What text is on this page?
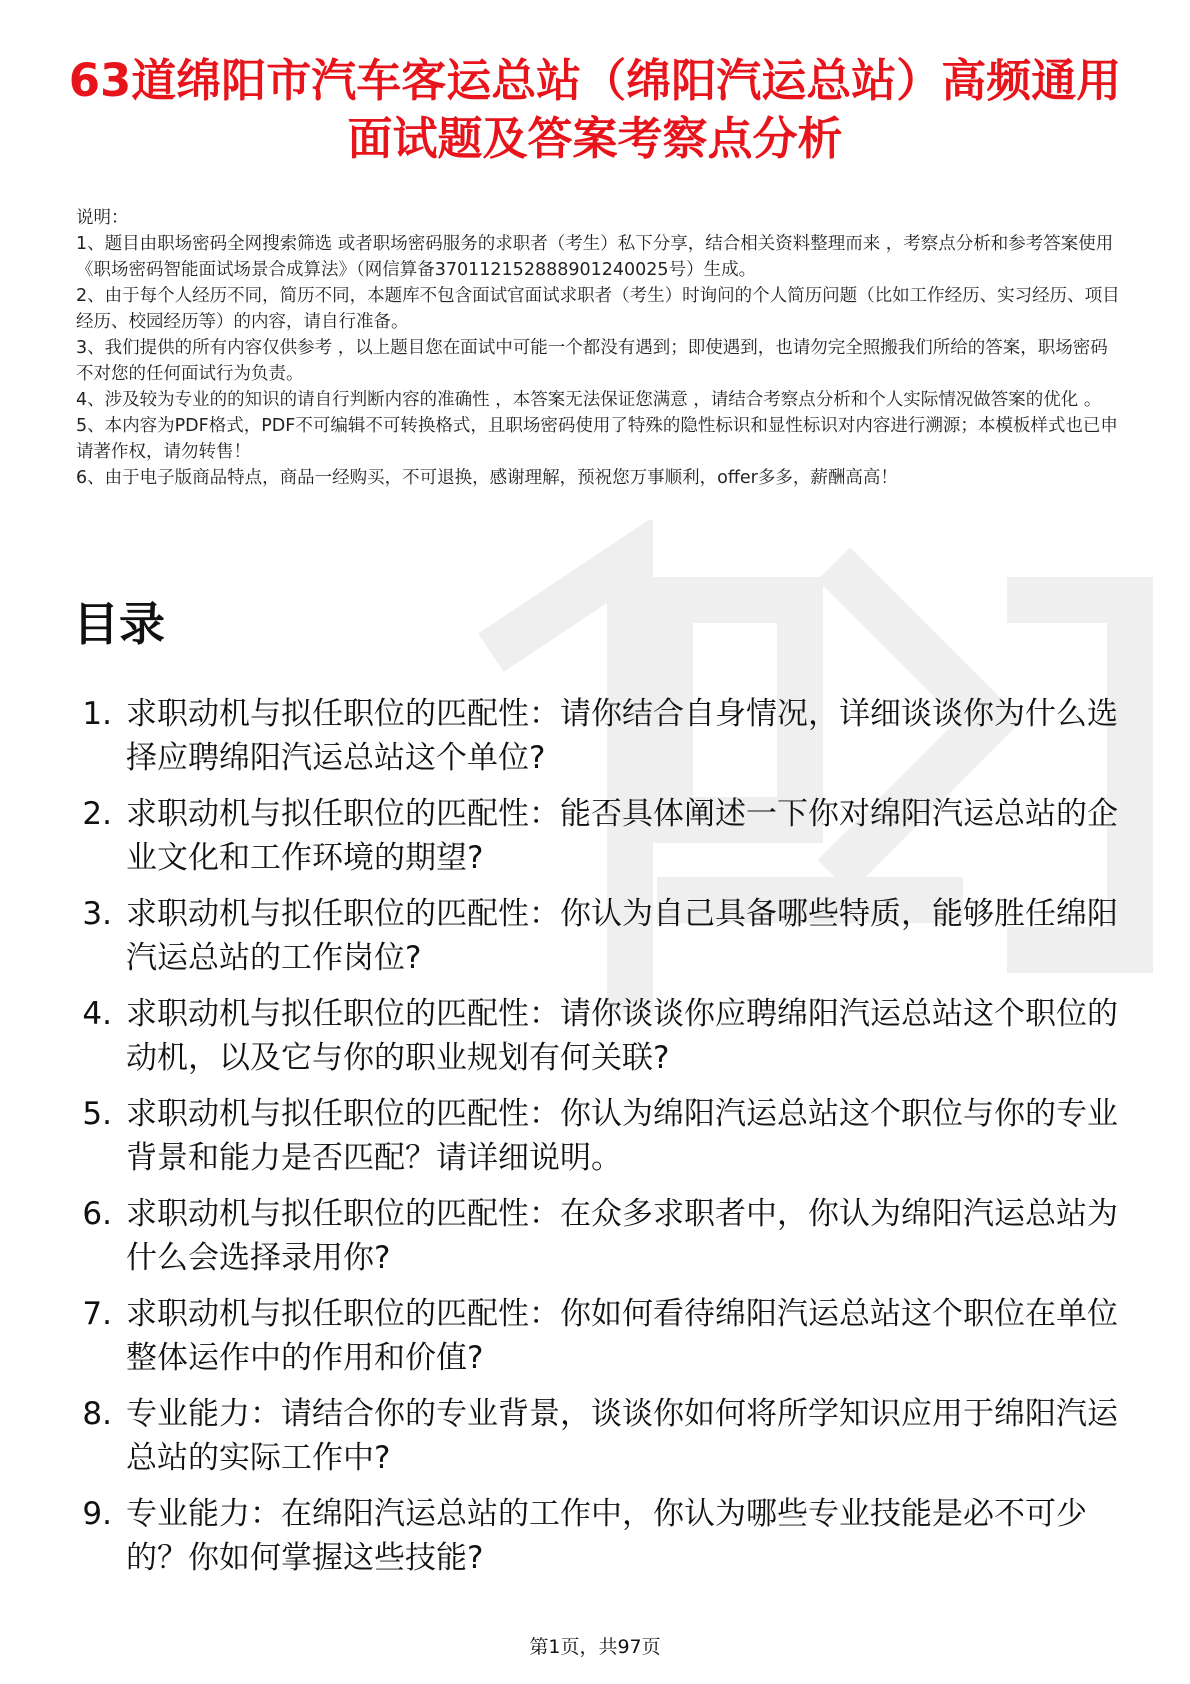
63道绵阳市汽车客运总站（绵阳汽运总站）高频通用面试题及答案考察点分析

说明：

1、题目由职场密码全网搜索筛选 或者职场密码服务的求职者（考生）私下分享，结合相关资料整理而来 ，考察点分析和参考答案使用《职场密码智能面试场景合成算法》（网信算备370112152888901240025号）生成。

2、由于每个人经历不同，简历不同，本题库不包含面试官面试求职者（考生）时询问的个人简历问题（比如工作经历、实习经历、项目经历、校园经历等）的内容，请自行准备。

3、我们提供的所有内容仅供参考 ，以上题目您在面试中可能一个都没有遇到；即使遇到，也请勿完全照搬我们所给的答案，职场密码不对您的任何面试行为负责。

4、涉及较为专业的的知识的请自行判断内容的准确性 ，本答案无法保证您满意 ，请结合考察点分析和个人实际情况做答案的优化 。

5、本内容为PDF格式，PDF不可编辑不可转换格式，且职场密码使用了特殊的隐性标识和显性标识对内容进行溯源；本模板样式也已申请著作权，请勿转售！

6、由于电子版商品特点，商品一经购买，不可退换，感谢理解，预祝您万事顺利，offer多多，薪酬高高！

目录
1. 求职动机与拟任职位的匹配性：请你结合自身情况，详细谈谈你为什么选择应聘绵阳汽运总站这个单位?
2. 求职动机与拟任职位的匹配性：能否具体阐述一下你对绵阳汽运总站的企业文化和工作环境的期望?
3. 求职动机与拟任职位的匹配性：你认为自己具备哪些特质，能够胜任绵阳汽运总站的工作岗位?
4. 求职动机与拟任职位的匹配性：请你谈谈你应聘绵阳汽运总站这个职位的动机，以及它与你的职业规划有何关联?
5. 求职动机与拟任职位的匹配性：你认为绵阳汽运总站这个职位与你的专业背景和能力是否匹配？请详细说明。
6. 求职动机与拟任职位的匹配性：在众多求职者中，你认为绵阳汽运总站为什么会选择录用你?
7. 求职动机与拟任职位的匹配性：你如何看待绵阳汽运总站这个职位在单位整体运作中的作用和价值?
8. 专业能力：请结合你的专业背景，谈谈你如何将所学知识应用于绵阳汽运总站的实际工作中?
9. 专业能力：在绵阳汽运总站的工作中，你认为哪些专业技能是必不可少的？你如何掌握这些技能?
第1页，共97页
